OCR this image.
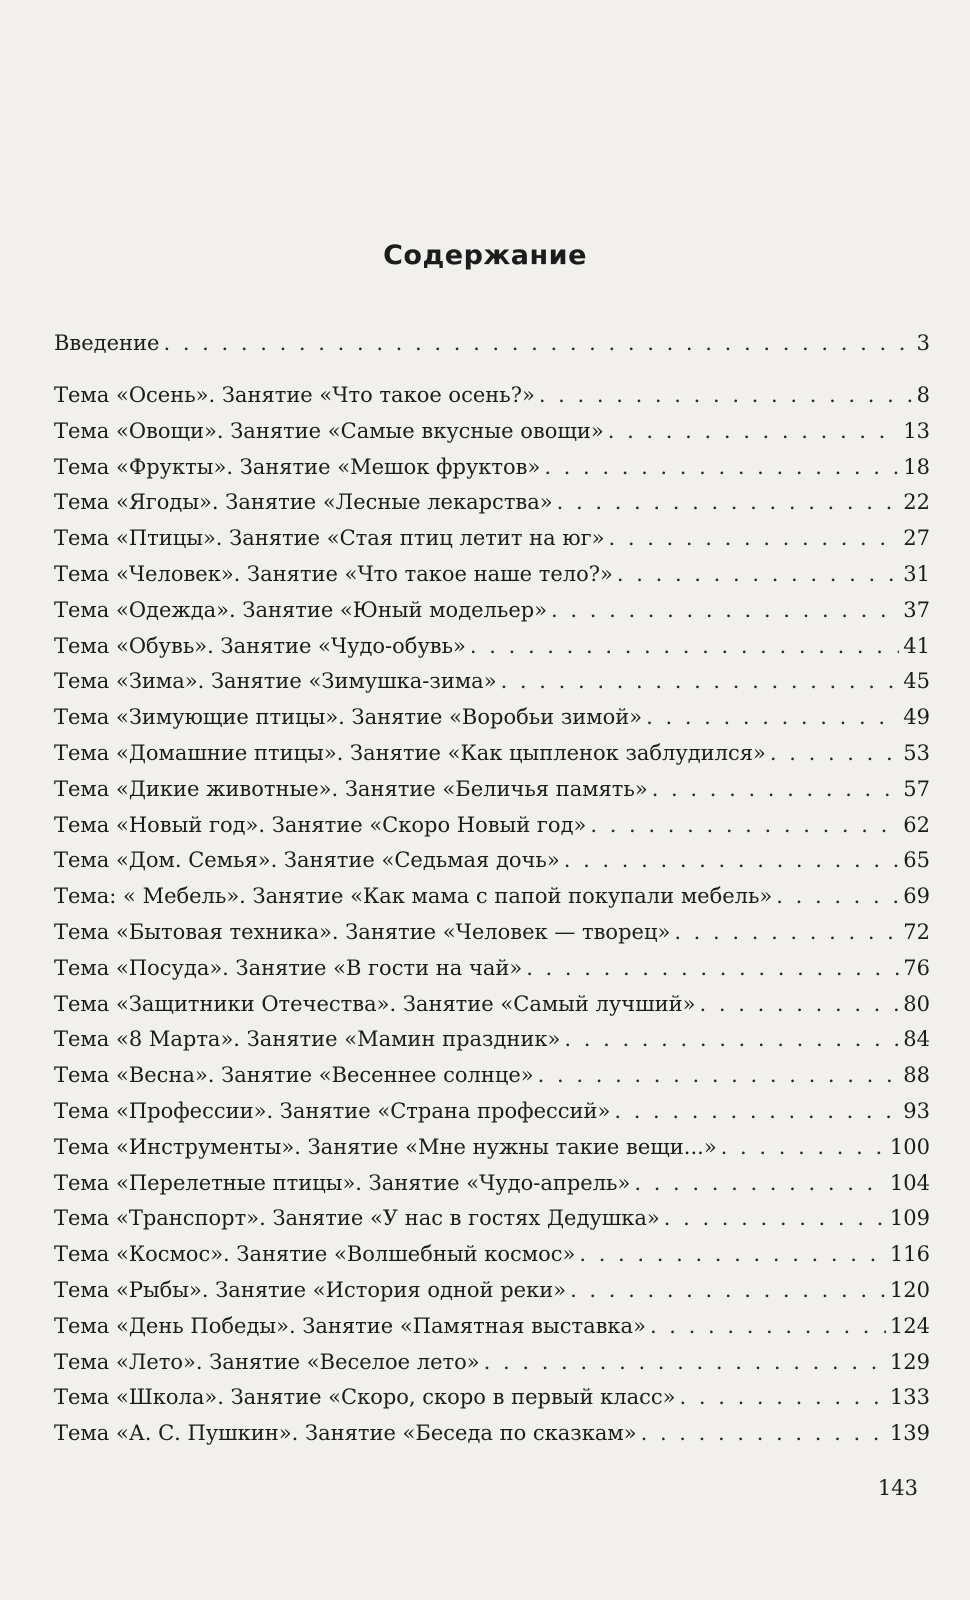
Содержание
Введение . . .	3
Тема «Осень». Занятие «Что такое осень?» . . .	8
Тема «Овощи». Занятие «Самые вкусные овощи» . . .	13
Тема «Фрукты». Занятие «Мешок фруктов» . . .	18
Тема «Ягоды». Занятие «Лесные лекарства» . . .	22
Тема «Птицы». Занятие «Стая птиц летит на юг» . . .	27
Тема «Человек». Занятие «Что такое наше тело?» . . .	31
Тема «Одежда». Занятие «Юный модельер» . . .	37
Тема «Обувь». Занятие «Чудо-обувь» . . .	41
Тема «Зима». Занятие «Зимушка-зима» . . .	45
Тема «Зимующие птицы». Занятие «Воробьи зимой» . . .	49
Тема «Домашние птицы». Занятие «Как цыпленок заблудился» . . .	53
Тема «Дикие животные». Занятие «Беличья память» . . .	57
Тема «Новый год». Занятие «Скоро Новый год» . . .	62
Тема «Дом. Семья». Занятие «Седьмая дочь» . . .	65
Тема: « Мебель». Занятие «Как мама с папой покупали мебель» . . .	69
Тема «Бытовая техника». Занятие «Человек — творец» . . .	72
Тема «Посуда». Занятие «В гости на чай» . . .	76
Тема «Защитники Отечества». Занятие «Самый лучший» . . .	80
Тема «8 Марта». Занятие «Мамин праздник» . . .	84
Тема «Весна». Занятие «Весеннее солнце» . . .	88
Тема «Профессии». Занятие «Страна профессий» . . .	93
Тема «Инструменты». Занятие «Мне нужны такие вещи...» . . .	100
Тема «Перелетные птицы». Занятие «Чудо-апрель» . . .	104
Тема «Транспорт». Занятие «У нас в гостях Дедушка» . . .	109
Тема «Космос». Занятие «Волшебный космос» . . .	116
Тема «Рыбы». Занятие «История одной реки» . . .	120
Тема «День Победы». Занятие «Памятная выставка» . . .	124
Тема «Лето». Занятие «Веселое лето» . . .	129
Тема «Школа». Занятие «Скоро, скоро в первый класс» . . .	133
Тема «А. С. Пушкин». Занятие «Беседа по сказкам» . . .	139
143
